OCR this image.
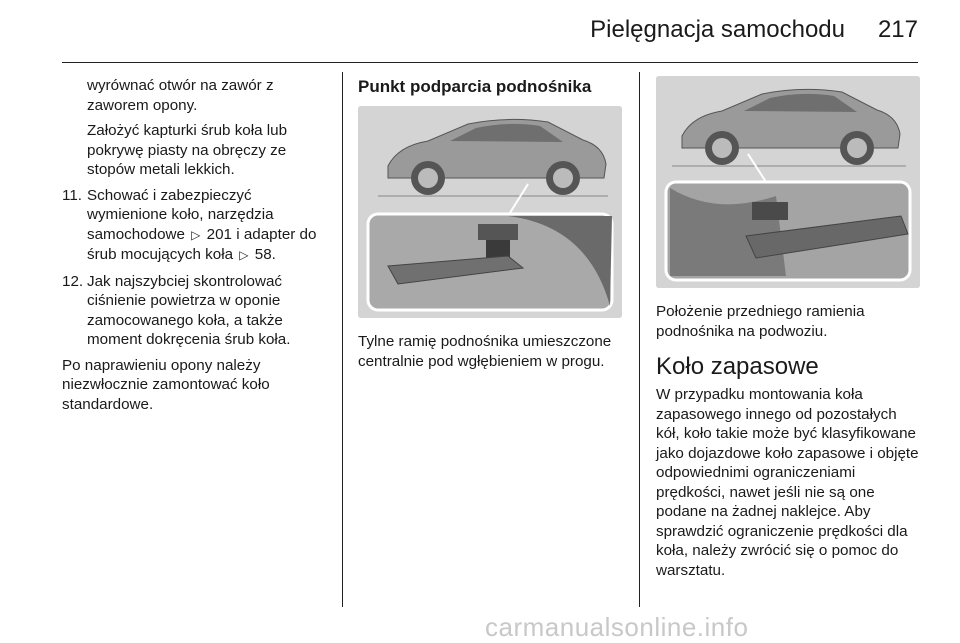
Pielęgnacja samochodu 217
wyrównać otwór na zawór z
zaworem opony.
Założyć kapturki śrub koła lub pokrywę piasty na obręczy ze stopów metali lekkich.
11. Schować i zabezpieczyć wymienione koło, narzędzia samochodowe ▷ 201 i adapter do śrub mocujących koła ▷ 58.
12. Jak najszybciej skontrolować ciśnienie powietrza w oponie zamocowanego koła, a także moment dokręcenia śrub koła.
Po naprawieniu opony należy niezwłocznie zamontować koło standardowe.
Punkt podparcia podnośnika
Tylne ramię podnośnika umieszczone centralnie pod wgłębieniem w progu.
Położenie przedniego ramienia podnośnika na podwoziu.
Koło zapasowe
W przypadku montowania koła zapasowego innego od pozostałych kół, koło takie może być klasyfikowane jako dojazdowe koło zapasowe i objęte odpowiednimi ograniczeniami prędkości, nawet jeśli nie są one podane na żadnej naklejce. Aby sprawdzić ograniczenie prędkości dla koła, należy zwrócić się o pomoc do warsztatu.
carmanualsonline.info
